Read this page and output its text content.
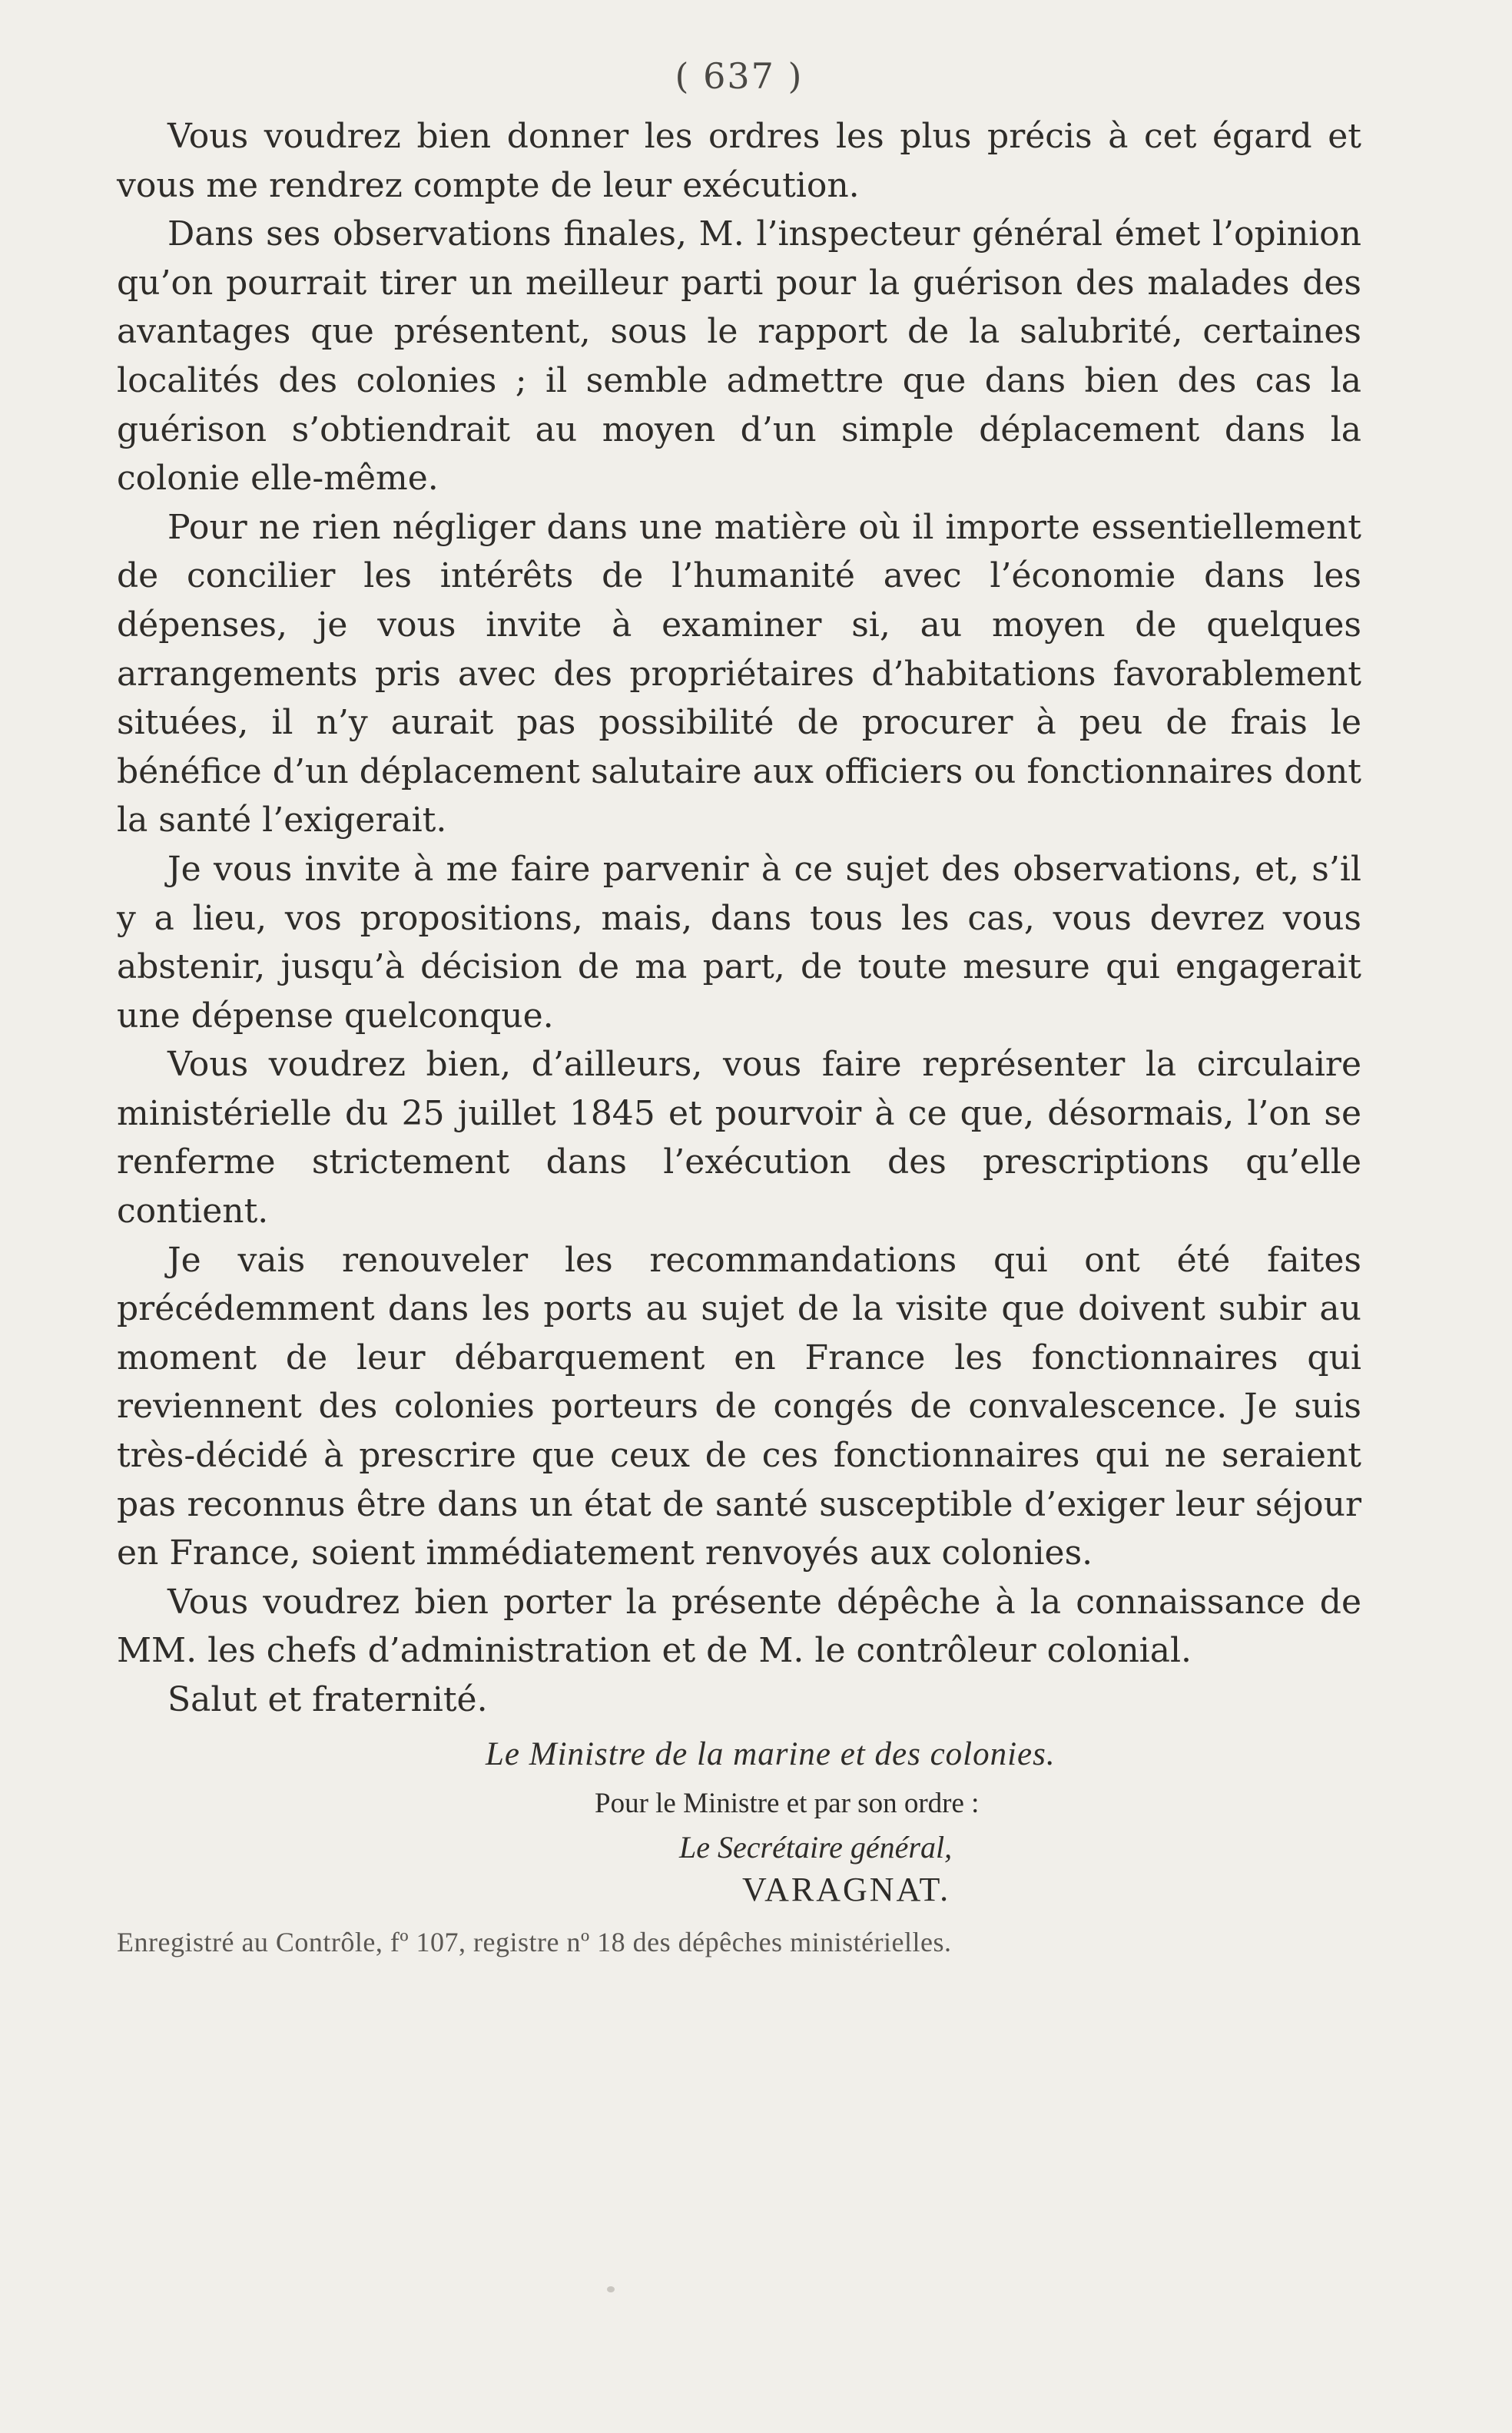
( 637 )

Vous voudrez bien donner les ordres les plus précis à cet égard et vous me rendrez compte de leur exécution.

Dans ses observations finales, M. l’inspecteur général émet l’opinion qu’on pourrait tirer un meilleur parti pour la guérison des malades des avantages que présentent, sous le rapport de la salubrité, certaines localités des colonies ; il semble admettre que dans bien des cas la guérison s’obtiendrait au moyen d’un simple déplacement dans la colonie elle-même.

Pour ne rien négliger dans une matière où il importe essentiellement de concilier les intérêts de l’humanité avec l’économie dans les dépenses, je vous invite à examiner si, au moyen de quelques arrangements pris avec des propriétaires d’habitations favorablement situées, il n’y aurait pas possibilité de procurer à peu de frais le bénéfice d’un déplacement salutaire aux officiers ou fonctionnaires dont la santé l’exigerait.

Je vous invite à me faire parvenir à ce sujet des observations, et, s’il y a lieu, vos propositions, mais, dans tous les cas, vous devrez vous abstenir, jusqu’à décision de ma part, de toute mesure qui engagerait une dépense quelconque.

Vous voudrez bien, d’ailleurs, vous faire représenter la circulaire ministérielle du 25 juillet 1845 et pourvoir à ce que, désormais, l’on se renferme strictement dans l’exécution des prescriptions qu’elle contient.

Je vais renouveler les recommandations qui ont été faites précédemment dans les ports au sujet de la visite que doivent subir au moment de leur débarquement en France les fonctionnaires qui reviennent des colonies porteurs de congés de convalescence. Je suis très-décidé à prescrire que ceux de ces fonctionnaires qui ne seraient pas reconnus être dans un état de santé susceptible d’exiger leur séjour en France, soient immédiatement renvoyés aux colonies.

Vous voudrez bien porter la présente dépêche à la connaissance de MM. les chefs d’administration et de M. le contrôleur colonial.

Salut et fraternité.

Le Ministre de la marine et des colonies.
Pour le Ministre et par son ordre :
Le Secrétaire général,
VARAGNAT.
Enregistré au Contrôle, fº 107, registre nº 18 des dépêches ministérielles.
